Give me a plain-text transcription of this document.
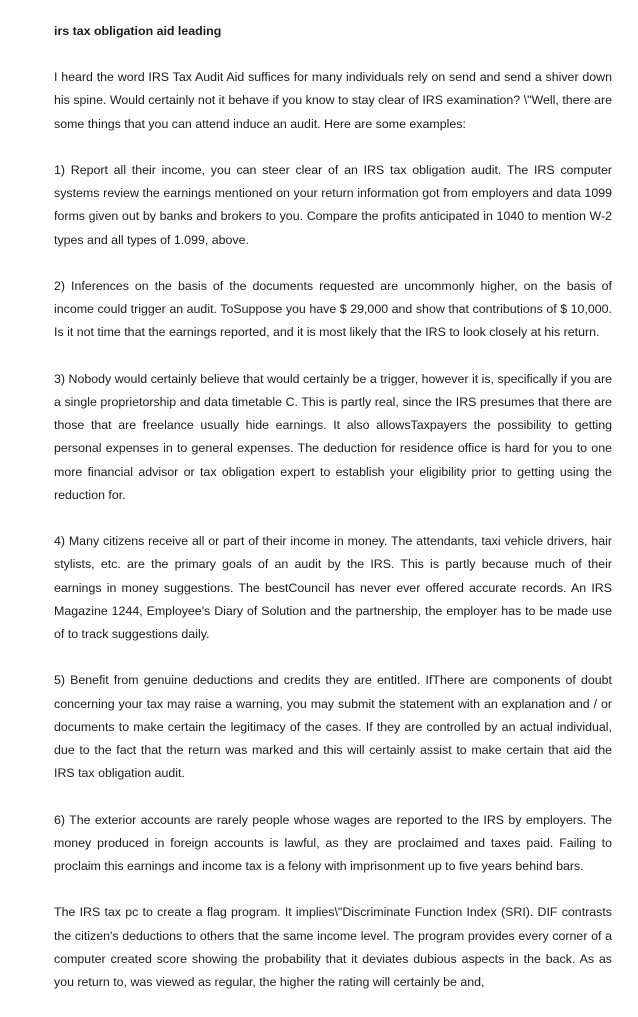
irs tax obligation aid leading

I heard the word IRS Tax Audit Aid suffices for many individuals rely on send and send a shiver down his spine. Would certainly not it behave if you know to stay clear of IRS examination? \"Well, there are some things that you can attend induce an audit. Here are some examples:

1) Report all their income, you can steer clear of an IRS tax obligation audit. The IRS computer systems review the earnings mentioned on your return information got from employers and data 1099 forms given out by banks and brokers to you. Compare the profits anticipated in 1040 to mention W-2 types and all types of 1.099, above.

2) Inferences on the basis of the documents requested are uncommonly higher, on the basis of income could trigger an audit. ToSuppose you have $ 29,000 and show that contributions of $ 10,000. Is it not time that the earnings reported, and it is most likely that the IRS to look closely at his return.

3) Nobody would certainly believe that would certainly be a trigger, however it is, specifically if you are a single proprietorship and data timetable C. This is partly real, since the IRS presumes that there are those that are freelance usually hide earnings. It also allowsTaxpayers the possibility to getting personal expenses in to general expenses. The deduction for residence office is hard for you to one more financial advisor or tax obligation expert to establish your eligibility prior to getting using the reduction for.

4) Many citizens receive all or part of their income in money. The attendants, taxi vehicle drivers, hair stylists, etc. are the primary goals of an audit by the IRS. This is partly because much of their earnings in money suggestions. The bestCouncil has never ever offered accurate records. An IRS Magazine 1244, Employee's Diary of Solution and the partnership, the employer has to be made use of to track suggestions daily.

5) Benefit from genuine deductions and credits they are entitled. IfThere are components of doubt concerning your tax may raise a warning, you may submit the statement with an explanation and / or documents to make certain the legitimacy of the cases. If they are controlled by an actual individual, due to the fact that the return was marked and this will certainly assist to make certain that aid the IRS tax obligation audit.

6) The exterior accounts are rarely people whose wages are reported to the IRS by employers. The money produced in foreign accounts is lawful, as they are proclaimed and taxes paid. Failing to proclaim this earnings and income tax is a felony with imprisonment up to five years behind bars.

The IRS tax pc to create a flag program. It implies\"Discriminate Function Index (SRI). DIF contrasts the citizen's deductions to others that the same income level. The program provides every corner of a computer created score showing the probability that it deviates dubious aspects in the back. As as you return to, was viewed as regular, the higher the rating will certainly be and,
